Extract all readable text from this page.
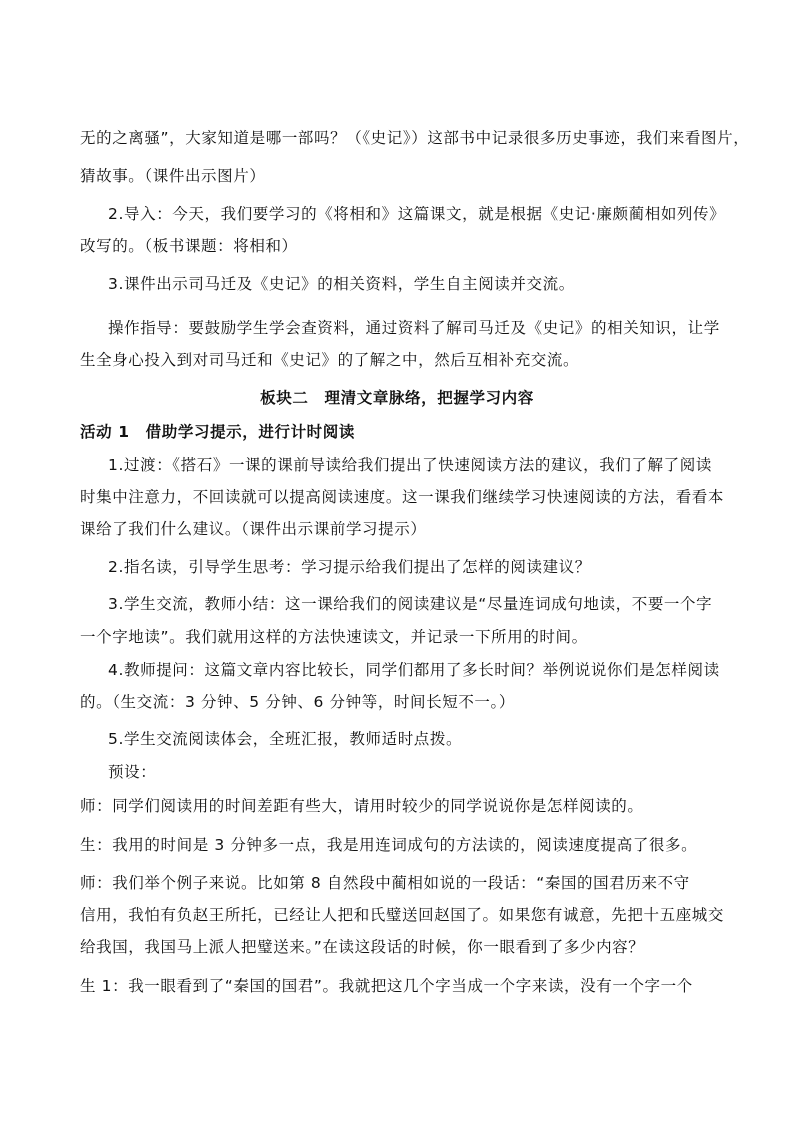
无的之离骚”，大家知道是哪一部吗？（《史记》）这部书中记录很多历史事迹，我们来看图片，
猜故事。（课件出示图片）
2.导入：今天，我们要学习的《将相和》这篇课文，就是根据《史记·廉颇蔺相如列传》
改写的。（板书课题：将相和）
3.课件出示司马迁及《史记》的相关资料，学生自主阅读并交流。
操作指导：要鼓励学生学会查资料，通过资料了解司马迁及《史记》的相关知识，让学
生全身心投入到对司马迁和《史记》的了解之中，然后互相补充交流。
板块二　理清文章脉络，把握学习内容
活动 1　借助学习提示，进行计时阅读
1.过渡：《搭石》一课的课前导读给我们提出了快速阅读方法的建议，我们了解了阅读
时集中注意力，不回读就可以提高阅读速度。这一课我们继续学习快速阅读的方法，看看本
课给了我们什么建议。（课件出示课前学习提示）
2.指名读，引导学生思考：学习提示给我们提出了怎样的阅读建议？
3.学生交流，教师小结：这一课给我们的阅读建议是“尽量连词成句地读，不要一个字
一个字地读”。我们就用这样的方法快速读文，并记录一下所用的时间。
4.教师提问：这篇文章内容比较长，同学们都用了多长时间？举例说说你们是怎样阅读
的。（生交流：3 分钟、5 分钟、6 分钟等，时间长短不一。）
5.学生交流阅读体会，全班汇报，教师适时点拨。
预设：
师：同学们阅读用的时间差距有些大，请用时较少的同学说说你是怎样阅读的。
生：我用的时间是 3 分钟多一点，我是用连词成句的方法读的，阅读速度提高了很多。
师：我们举个例子来说。比如第 8 自然段中蔺相如说的一段话：“秦国的国君历来不守
信用，我怕有负赵王所托，已经让人把和氏璧送回赵国了。如果您有诚意，先把十五座城交
给我国，我国马上派人把璧送来。”在读这段话的时候，你一眼看到了多少内容？
生 1：我一眼看到了“秦国的国君”。我就把这几个字当成一个字来读，没有一个字一个
